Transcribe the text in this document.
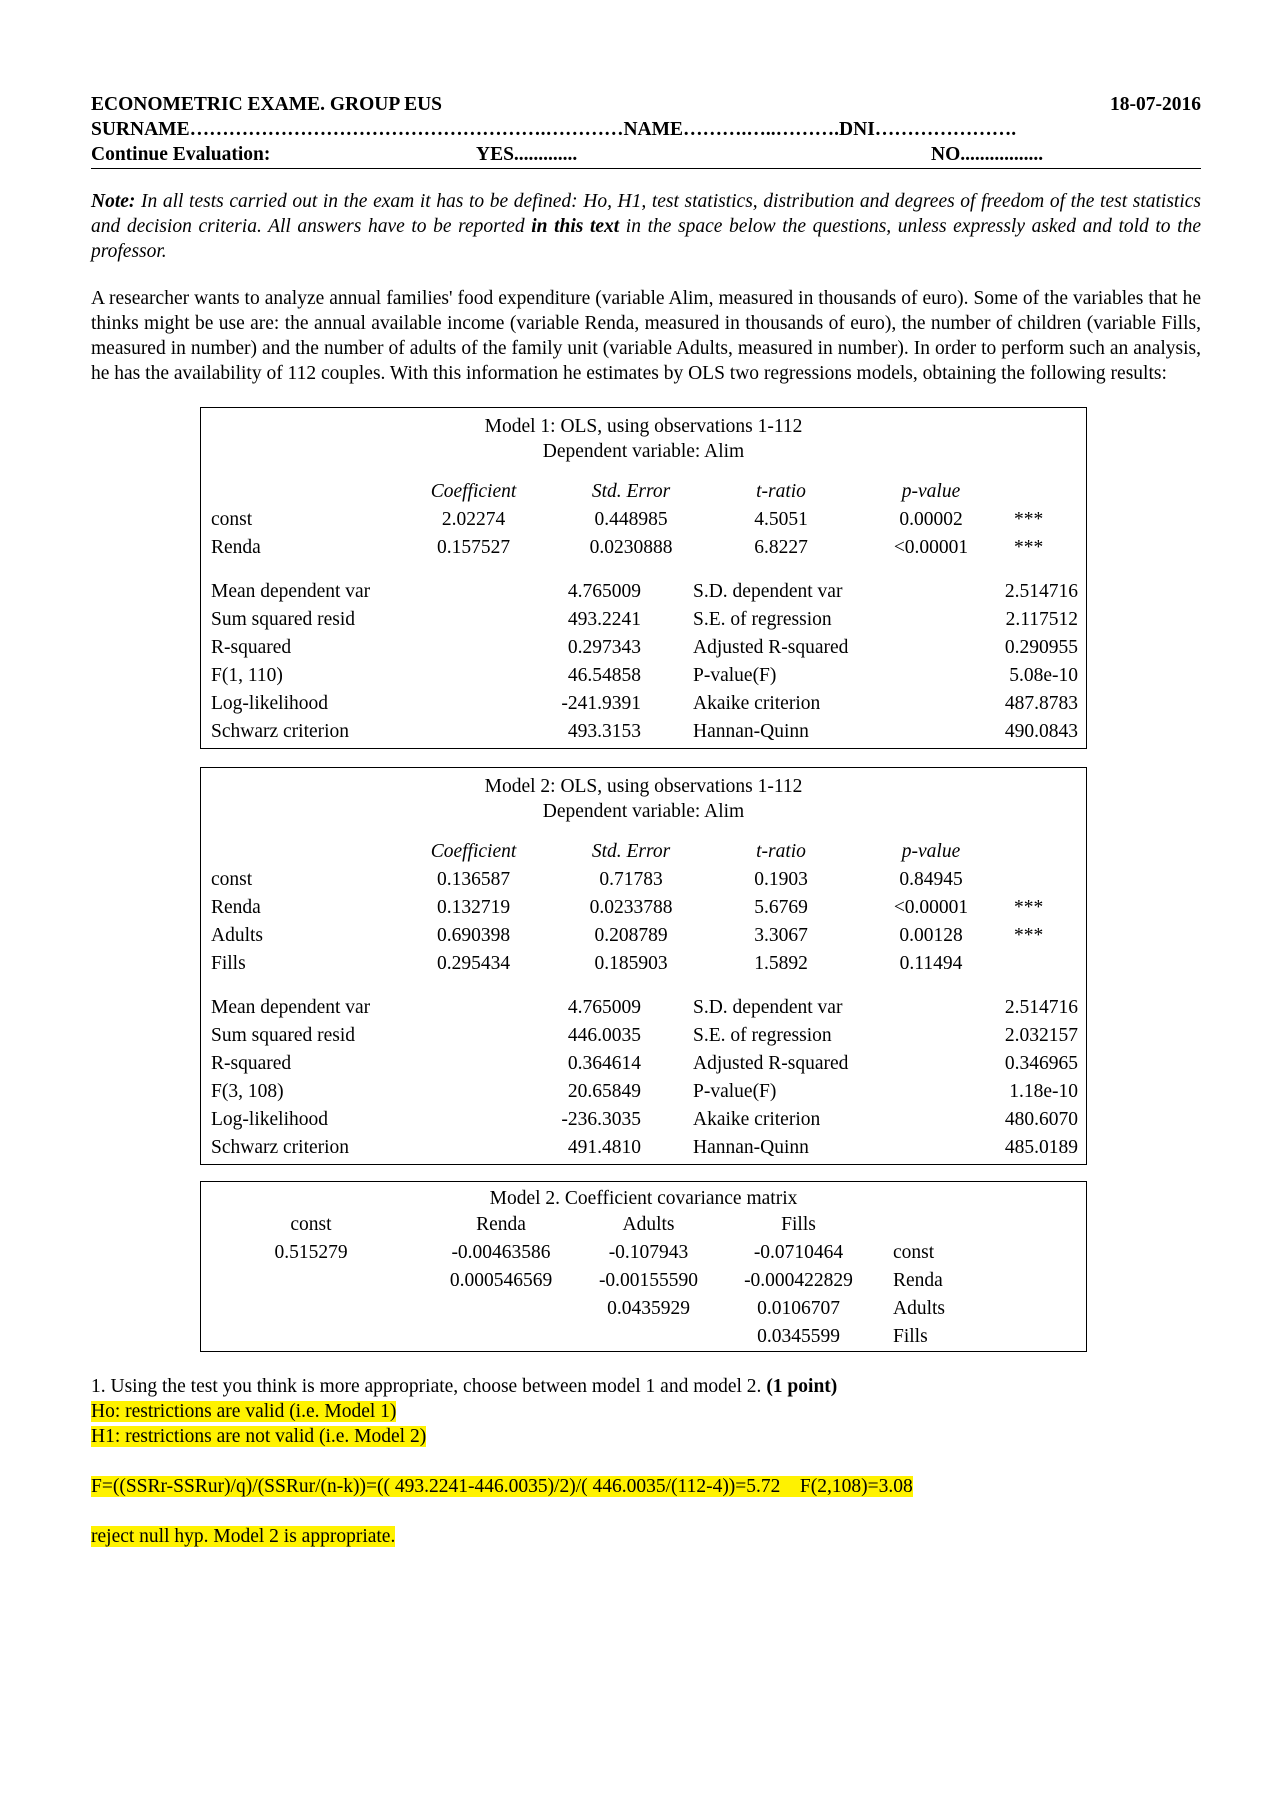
ECONOMETRIC EXAME. GROUP EUS	18-07-2016
SURNAME……………………………………………….…………NAME……….…..……….DNI………………….
Continue Evaluation:	YES.............	NO.................
Note: In all tests carried out in the exam it has to be defined: Ho, H1, test statistics, distribution and degrees of freedom of the test statistics and decision criteria. All answers have to be reported in this text in the space below the questions, unless expressly asked and told to the professor.
A researcher wants to analyze annual families' food expenditure (variable Alim, measured in thousands of euro). Some of the variables that he thinks might be use are: the annual available income (variable Renda, measured in thousands of euro), the number of children (variable Fills, measured in number) and the number of adults of the family unit (variable Adults, measured in number). In order to perform such an analysis, he has the availability of 112 couples. With this information he estimates by OLS two regressions models, obtaining the following results:
Model 1: OLS, using observations 1-112
Dependent variable: Alim
	Coefficient	Std. Error	t-ratio	p-value	
const	2.02274	0.448985	4.5051	0.00002	***
Renda	0.157527	0.0230888	6.8227	<0.00001	***
Mean dependent var	4.765009	S.D. dependent var	2.514716
Sum squared resid	493.2241	S.E. of regression	2.117512
R-squared	0.297343	Adjusted R-squared	0.290955
F(1, 110)	46.54858	P-value(F)	5.08e-10
Log-likelihood	-241.9391	Akaike criterion	487.8783
Schwarz criterion	493.3153	Hannan-Quinn	490.0843
Model 2: OLS, using observations 1-112
Dependent variable: Alim
	Coefficient	Std. Error	t-ratio	p-value	
const	0.136587	0.71783	0.1903	0.84945	
Renda	0.132719	0.0233788	5.6769	<0.00001	***
Adults	0.690398	0.208789	3.3067	0.00128	***
Fills	0.295434	0.185903	1.5892	0.11494	
Mean dependent var	4.765009	S.D. dependent var	2.514716
Sum squared resid	446.0035	S.E. of regression	2.032157
R-squared	0.364614	Adjusted R-squared	0.346965
F(3, 108)	20.65849	P-value(F)	1.18e-10
Log-likelihood	-236.3035	Akaike criterion	480.6070
Schwarz criterion	491.4810	Hannan-Quinn	485.0189
Model 2. Coefficient covariance matrix
const	Renda	Adults	Fills	
0.515279	-0.00463586	-0.107943	-0.0710464	const
	0.000546569	-0.00155590	-0.000422829	Renda
		0.0435929	0.0106707	Adults
			0.0345599	Fills
1. Using the test you think is more appropriate, choose between model 1 and model 2. (1 point)
Ho: restrictions are valid (i.e. Model 1)
H1: restrictions are not valid (i.e. Model 2)
F=((SSRr-SSRur)/q)/(SSRur/(n-k))=(( 493.2241-446.0035)/2)/( 446.0035/(112-4))=5.72    F(2,108)=3.08
reject null hyp. Model 2 is appropriate.
